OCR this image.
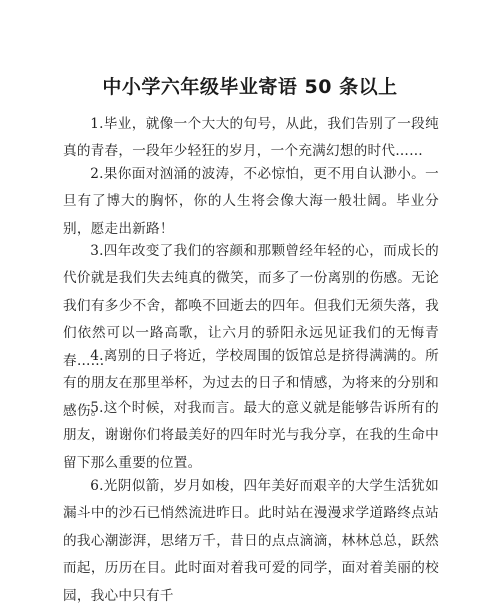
中小学六年级毕业寄语 50 条以上

1.毕业，就像一个大大的句号，从此，我们告别了一段纯真的青春，一段年少轻狂的岁月，一个充满幻想的时代……

2.果你面对汹涌的波涛，不必惊怕，更不用自认渺小。一旦有了博大的胸怀，你的人生将会像大海一般壮阔。毕业分别，愿走出新路！

3.四年改变了我们的容颜和那颗曾经年轻的心，而成长的代价就是我们失去纯真的微笑，而多了一份离别的伤感。无论我们有多少不舍，都唤不回逝去的四年。但我们无须失落，我们依然可以一路高歌，让六月的骄阳永远见证我们的无悔青春……

4.离别的日子将近，学校周围的饭馆总是挤得满满的。所有的朋友在那里举杯，为过去的日子和情感，为将来的分别和感伤。

5.这个时候，对我而言。最大的意义就是能够告诉所有的朋友，谢谢你们将最美好的四年时光与我分享，在我的生命中留下那么重要的位置。

6.光阴似箭，岁月如梭，四年美好而艰辛的大学生活犹如漏斗中的沙石已悄然流进昨日。此时站在漫漫求学道路终点站的我心潮澎湃，思绪万千，昔日的点点滴滴，林林总总，跃然而起，历历在目。此时面对着我可爱的同学，面对着美丽的校园，我心中只有千
